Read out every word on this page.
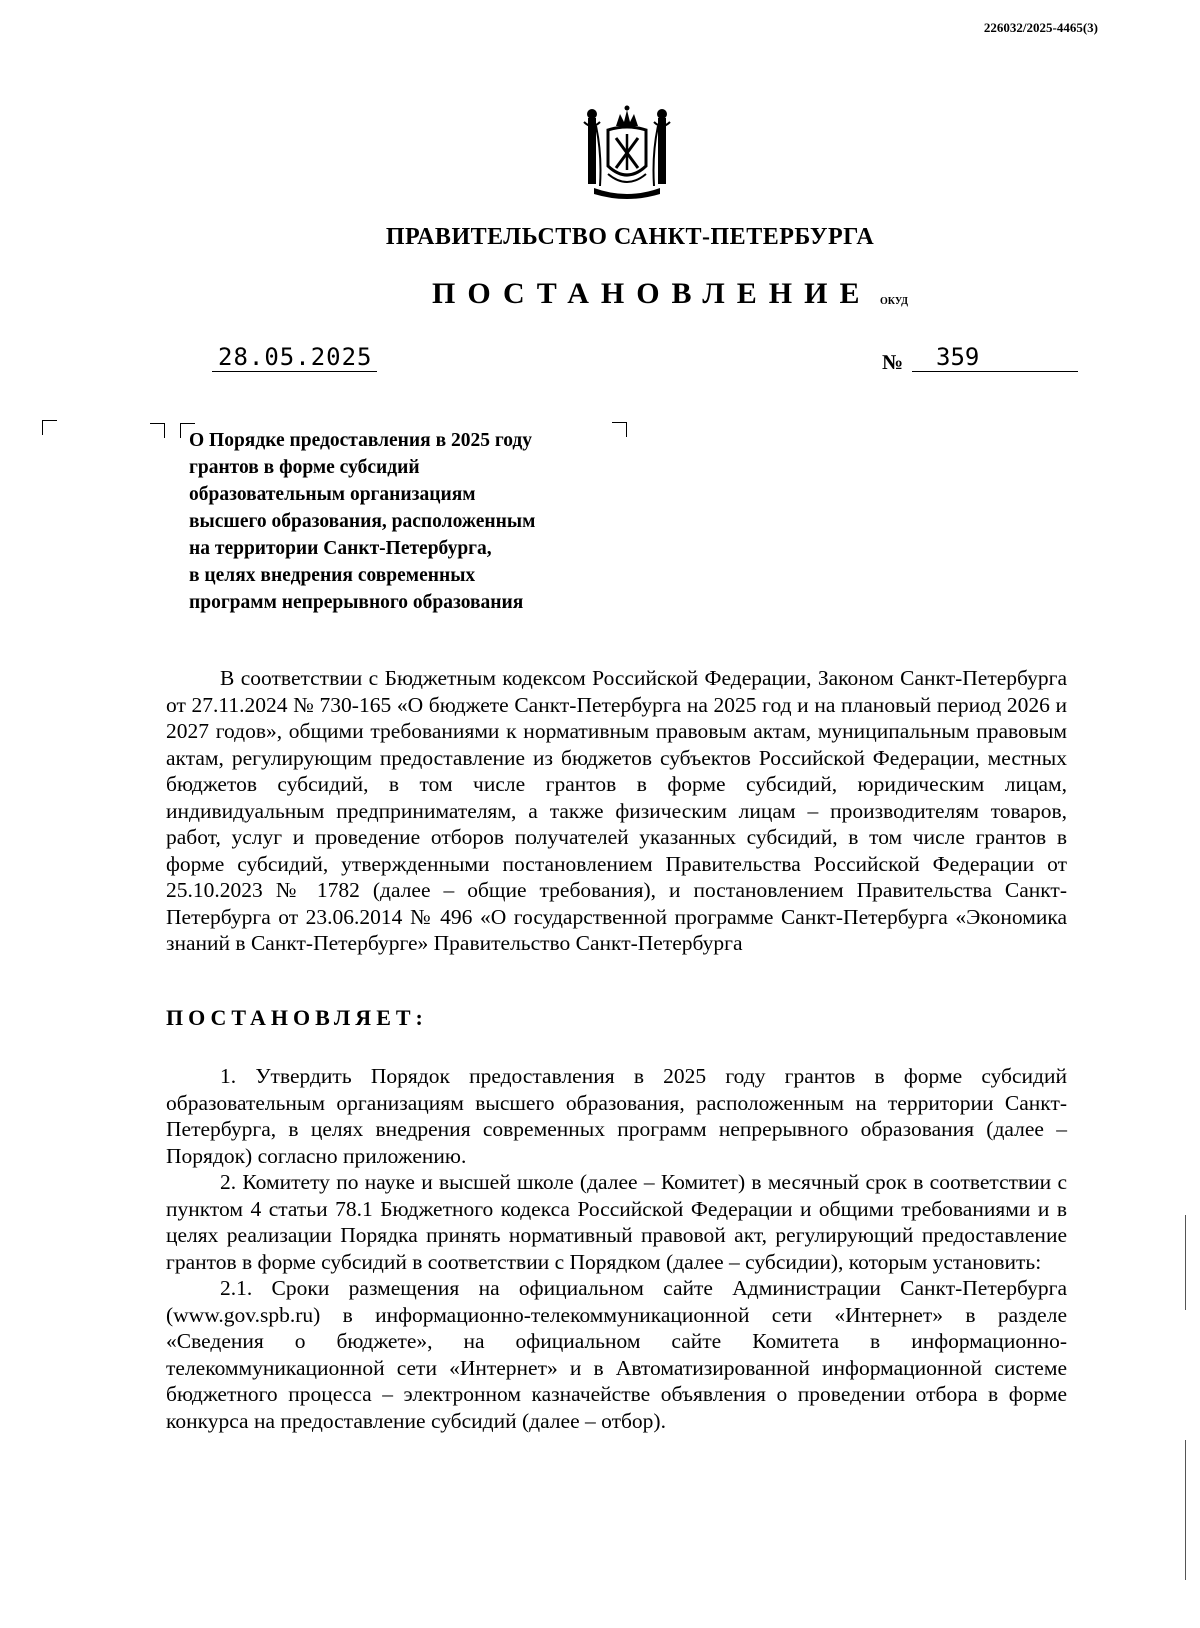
226032/2025-4465(3)
ПРАВИТЕЛЬСТВО САНКТ-ПЕТЕРБУРГА
ПОСТАНОВЛЕНИЕ ОКУД
28.05.2025	№	359
О Порядке предоставления в 2025 году
грантов в форме субсидий
образовательным организациям
высшего образования, расположенным
на территории Санкт-Петербурга,
в целях внедрения современных
программ непрерывного образования

В соответствии с Бюджетным кодексом Российской Федерации, Законом Санкт-Петербурга от 27.11.2024 № 730-165 «О бюджете Санкт-Петербурга на 2025 год и на плановый период 2026 и 2027 годов», общими требованиями к нормативным правовым актам, муниципальным правовым актам, регулирующим предоставление из бюджетов субъектов Российской Федерации, местных бюджетов субсидий, в том числе грантов в форме субсидий, юридическим лицам, индивидуальным предпринимателям, а также физическим лицам – производителям товаров, работ, услуг и проведение отборов получателей указанных субсидий, в том числе грантов в форме субсидий, утвержденными постановлением Правительства Российской Федерации от 25.10.2023 № 1782 (далее – общие требования), и постановлением Правительства Санкт-Петербурга от 23.06.2014 № 496 «О государственной программе Санкт-Петербурга «Экономика знаний в Санкт-Петербурге» Правительство Санкт-Петербурга

ПОСТАНОВЛЯЕТ:

1. Утвердить Порядок предоставления в 2025 году грантов в форме субсидий образовательным организациям высшего образования, расположенным на территории Санкт-Петербурга, в целях внедрения современных программ непрерывного образования (далее – Порядок) согласно приложению.

2. Комитету по науке и высшей школе (далее – Комитет) в месячный срок в соответствии с пунктом 4 статьи 78.1 Бюджетного кодекса Российской Федерации и общими требованиями и в целях реализации Порядка принять нормативный правовой акт, регулирующий предоставление грантов в форме субсидий в соответствии с Порядком (далее – субсидии), которым установить:

2.1. Сроки размещения на официальном сайте Администрации Санкт-Петербурга (www.gov.spb.ru) в информационно-телекоммуникационной сети «Интернет» в разделе «Сведения о бюджете», на официальном сайте Комитета в информационно-телекоммуникационной сети «Интернет» и в Автоматизированной информационной системе бюджетного процесса – электронном казначействе объявления о проведении отбора в форме конкурса на предоставление субсидий (далее – отбор).
